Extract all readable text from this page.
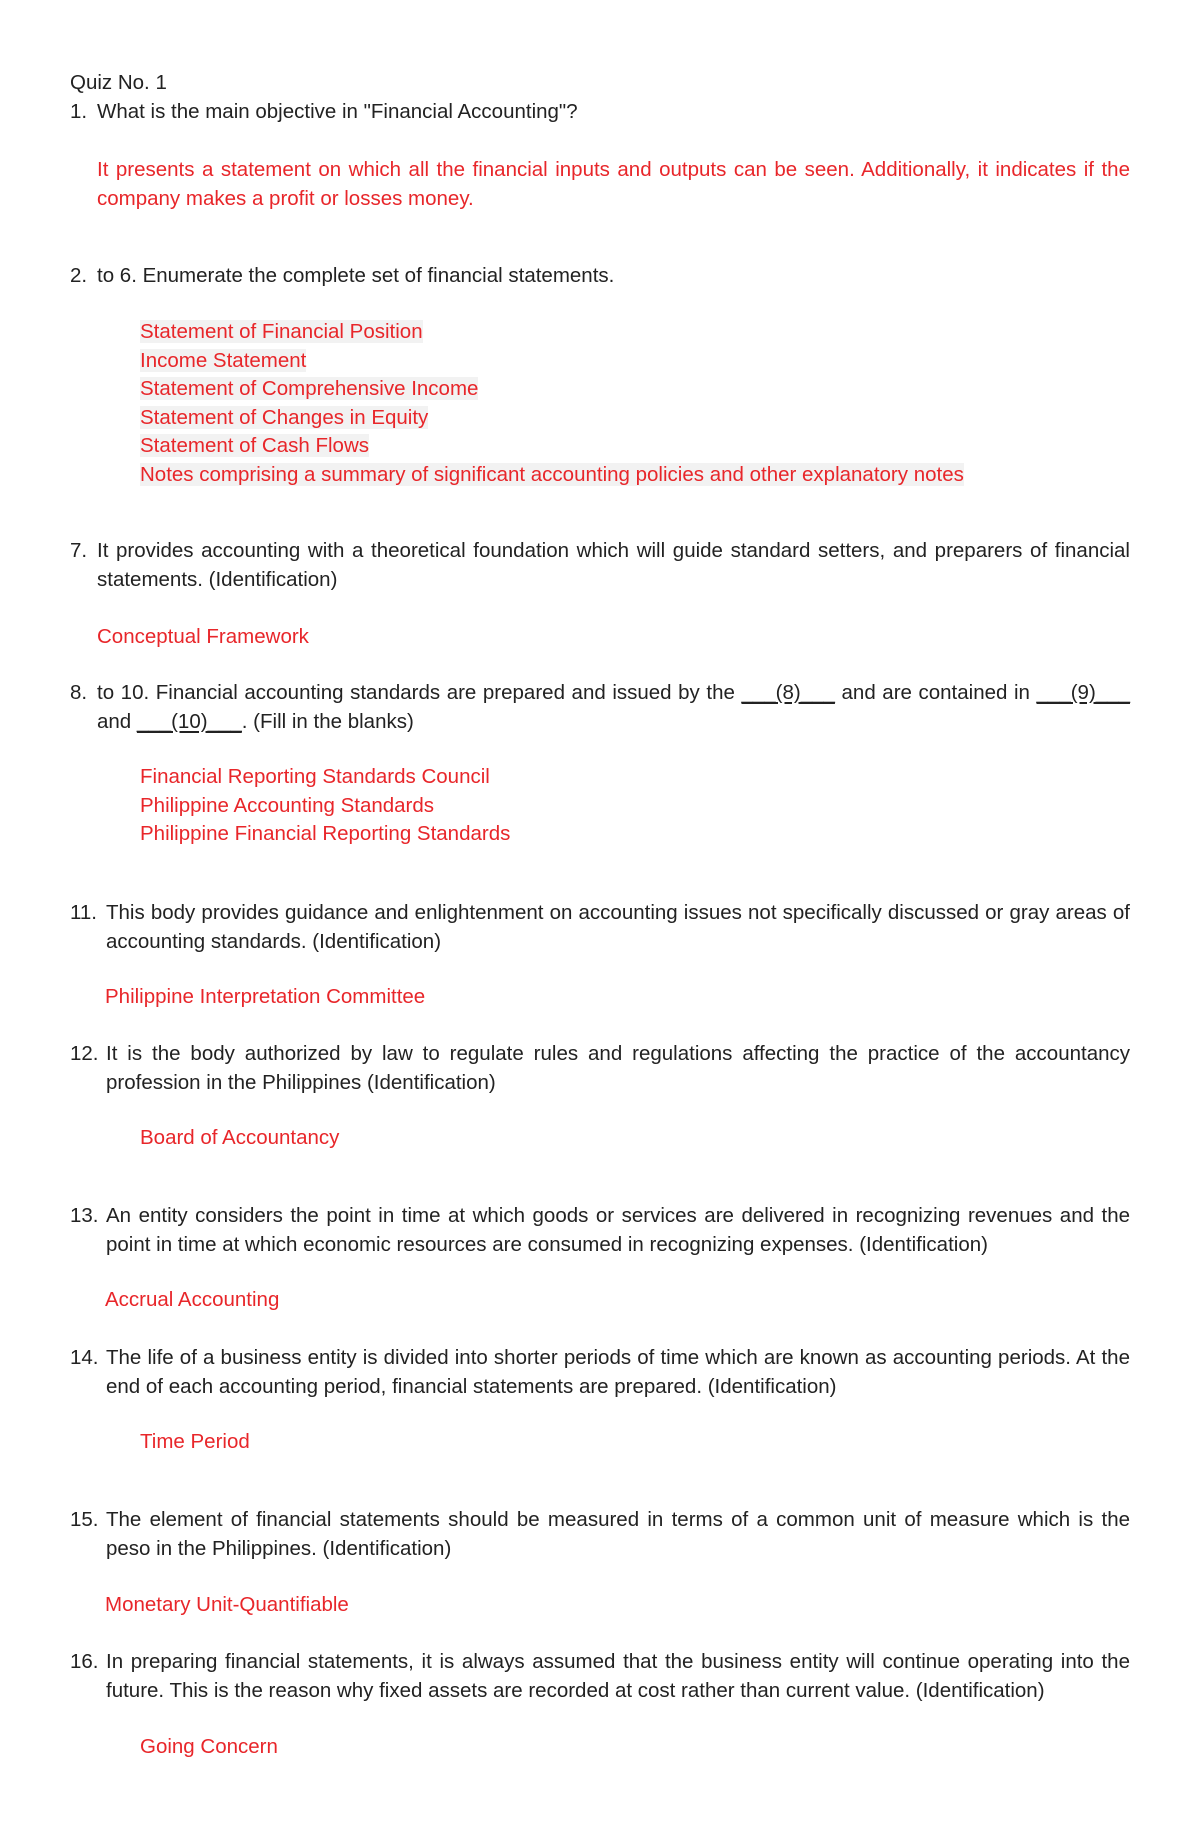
Quiz No. 1
1. What is the main objective in "Financial Accounting"?
It presents a statement on which all the financial inputs and outputs can be seen. Additionally, it indicates if the company makes a profit or losses money.
2. to 6. Enumerate the complete set of financial statements.
Statement of Financial Position
Income Statement
Statement of Comprehensive Income
Statement of Changes in Equity
Statement of Cash Flows
Notes comprising a summary of significant accounting policies and other explanatory notes
7. It provides accounting with a theoretical foundation which will guide standard setters, and preparers of financial statements. (Identification)
Conceptual Framework
8. to 10. Financial accounting standards are prepared and issued by the ___(8)___ and are contained in ___(9)___ and ___(10)___. (Fill in the blanks)
Financial Reporting Standards Council
Philippine Accounting Standards
Philippine Financial Reporting Standards
11. This body provides guidance and enlightenment on accounting issues not specifically discussed or gray areas of accounting standards. (Identification)
Philippine Interpretation Committee
12. It is the body authorized by law to regulate rules and regulations affecting the practice of the accountancy profession in the Philippines (Identification)
Board of Accountancy
13. An entity considers the point in time at which goods or services are delivered in recognizing revenues and the point in time at which economic resources are consumed in recognizing expenses. (Identification)
Accrual Accounting
14. The life of a business entity is divided into shorter periods of time which are known as accounting periods. At the end of each accounting period, financial statements are prepared. (Identification)
Time Period
15. The element of financial statements should be measured in terms of a common unit of measure which is the peso in the Philippines. (Identification)
Monetary Unit-Quantifiable
16. In preparing financial statements, it is always assumed that the business entity will continue operating into the future. This is the reason why fixed assets are recorded at cost rather than current value. (Identification)
Going Concern
